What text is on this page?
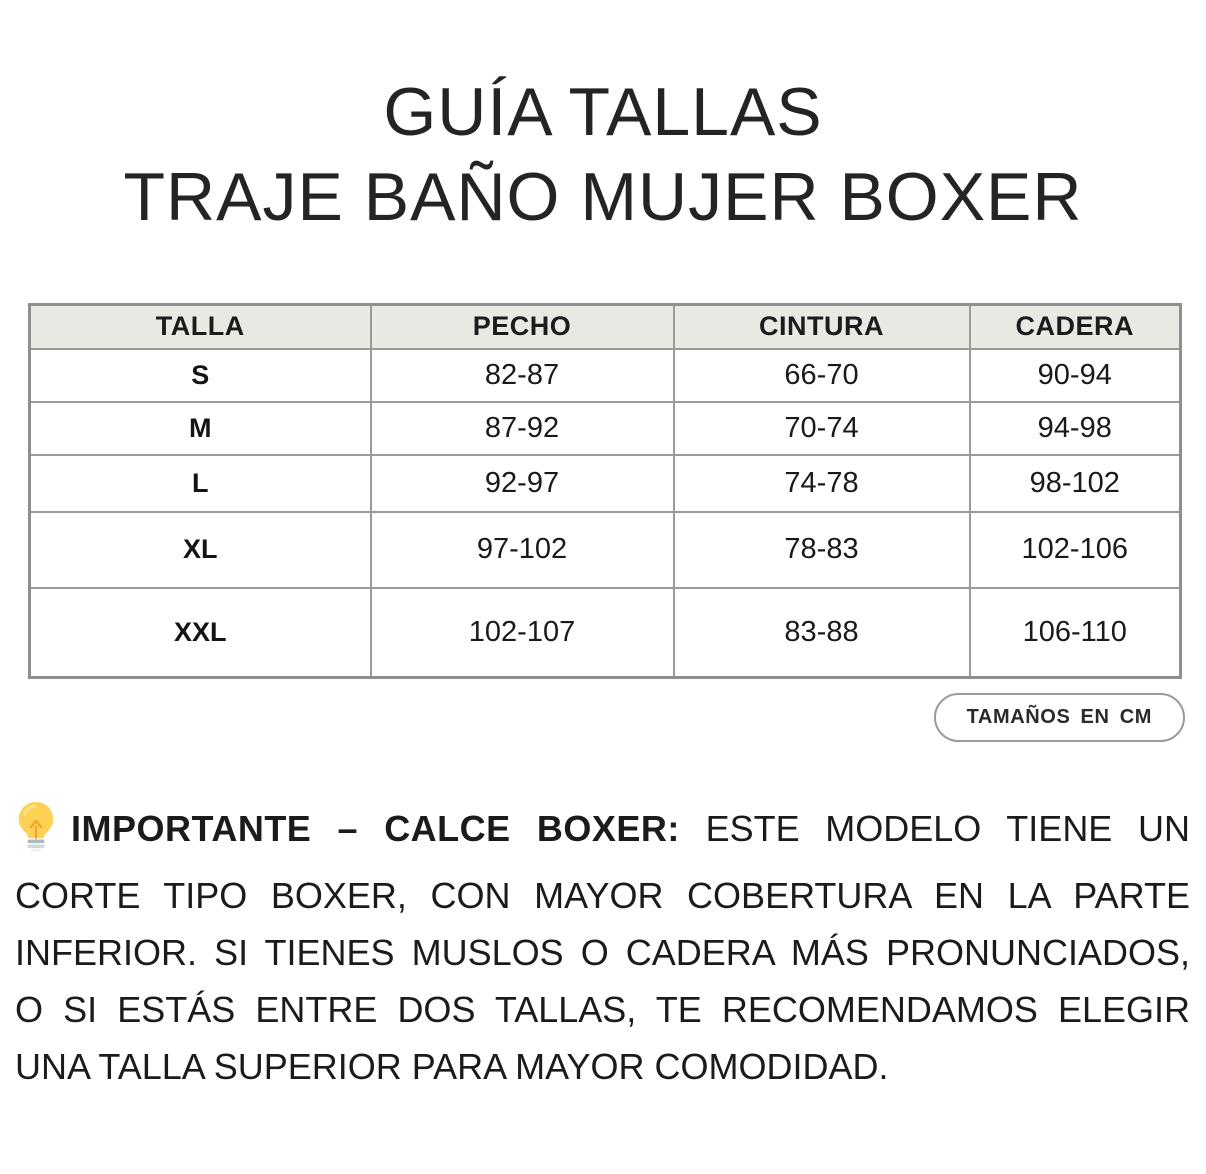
GUÍA TALLAS
TRAJE BAÑO MUJER BOXER
TALLA	PECHO	CINTURA	CADERA
S	82-87	66-70	90-94
M	87-92	70-74	94-98
L	92-97	74-78	98-102
XL	97-102	78-83	102-106
XXL	102-107	83-88	106-110
TAMAÑOS EN CM
IMPORTANTE – CALCE BOXER: ESTE MODELO TIENE UN
CORTE TIPO BOXER, CON MAYOR COBERTURA EN LA PARTE
INFERIOR. SI TIENES MUSLOS O CADERA MÁS PRONUNCIADOS,
O SI ESTÁS ENTRE DOS TALLAS, TE RECOMENDAMOS ELEGIR
UNA TALLA SUPERIOR PARA MAYOR COMODIDAD.
